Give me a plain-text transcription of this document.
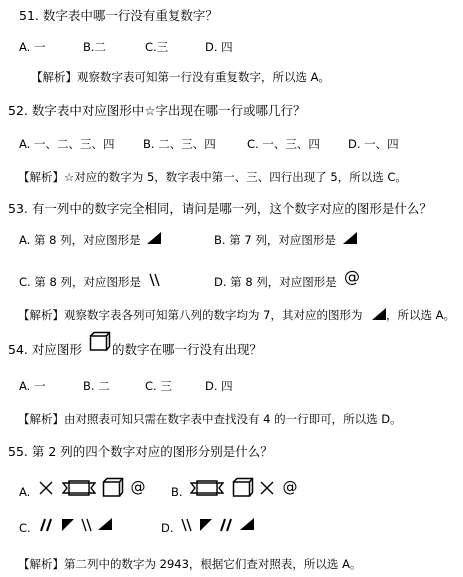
51. 数字表中哪一行没有重复数字？
A. 一	B.二	C.三	D. 四
【解析】观察数字表可知第一行没有重复数字，所以选 A。
52. 数字表中对应图形中☆字出现在哪一行或哪几行？
A. 一、二、三、四 B. 二、三、四	C. 一、三、四 D. 一、四
【解析】☆对应的数字为 5，数字表中第一、三、四行出现了 5，所以选 C。
53. 有一列中的数字完全相同，请问是哪一列，这个数字对应的图形是什么？
A. 第 8 列，对应图形是	B. 第 7 列，对应图形是
C. 第 8 列，对应图形是	D. 第 8 列，对应图形是 @
【解析】观察数字表各列可知第八列的数字均为 7，其对应的图形为 ，所以选 A。
54. 对应图形 的数字在哪一行没有出现？
A. 一	B. 二	C. 三	D. 四
【解析】由对照表可知只需在数字表中查找没有 4 的一行即可，所以选 D。
55. 第 2 列的四个数字对应的图形分别是什么？
A.	@ B.	@
C.	D.
【解析】第二列中的数字为 2943，根据它们查对照表，所以选 A。
